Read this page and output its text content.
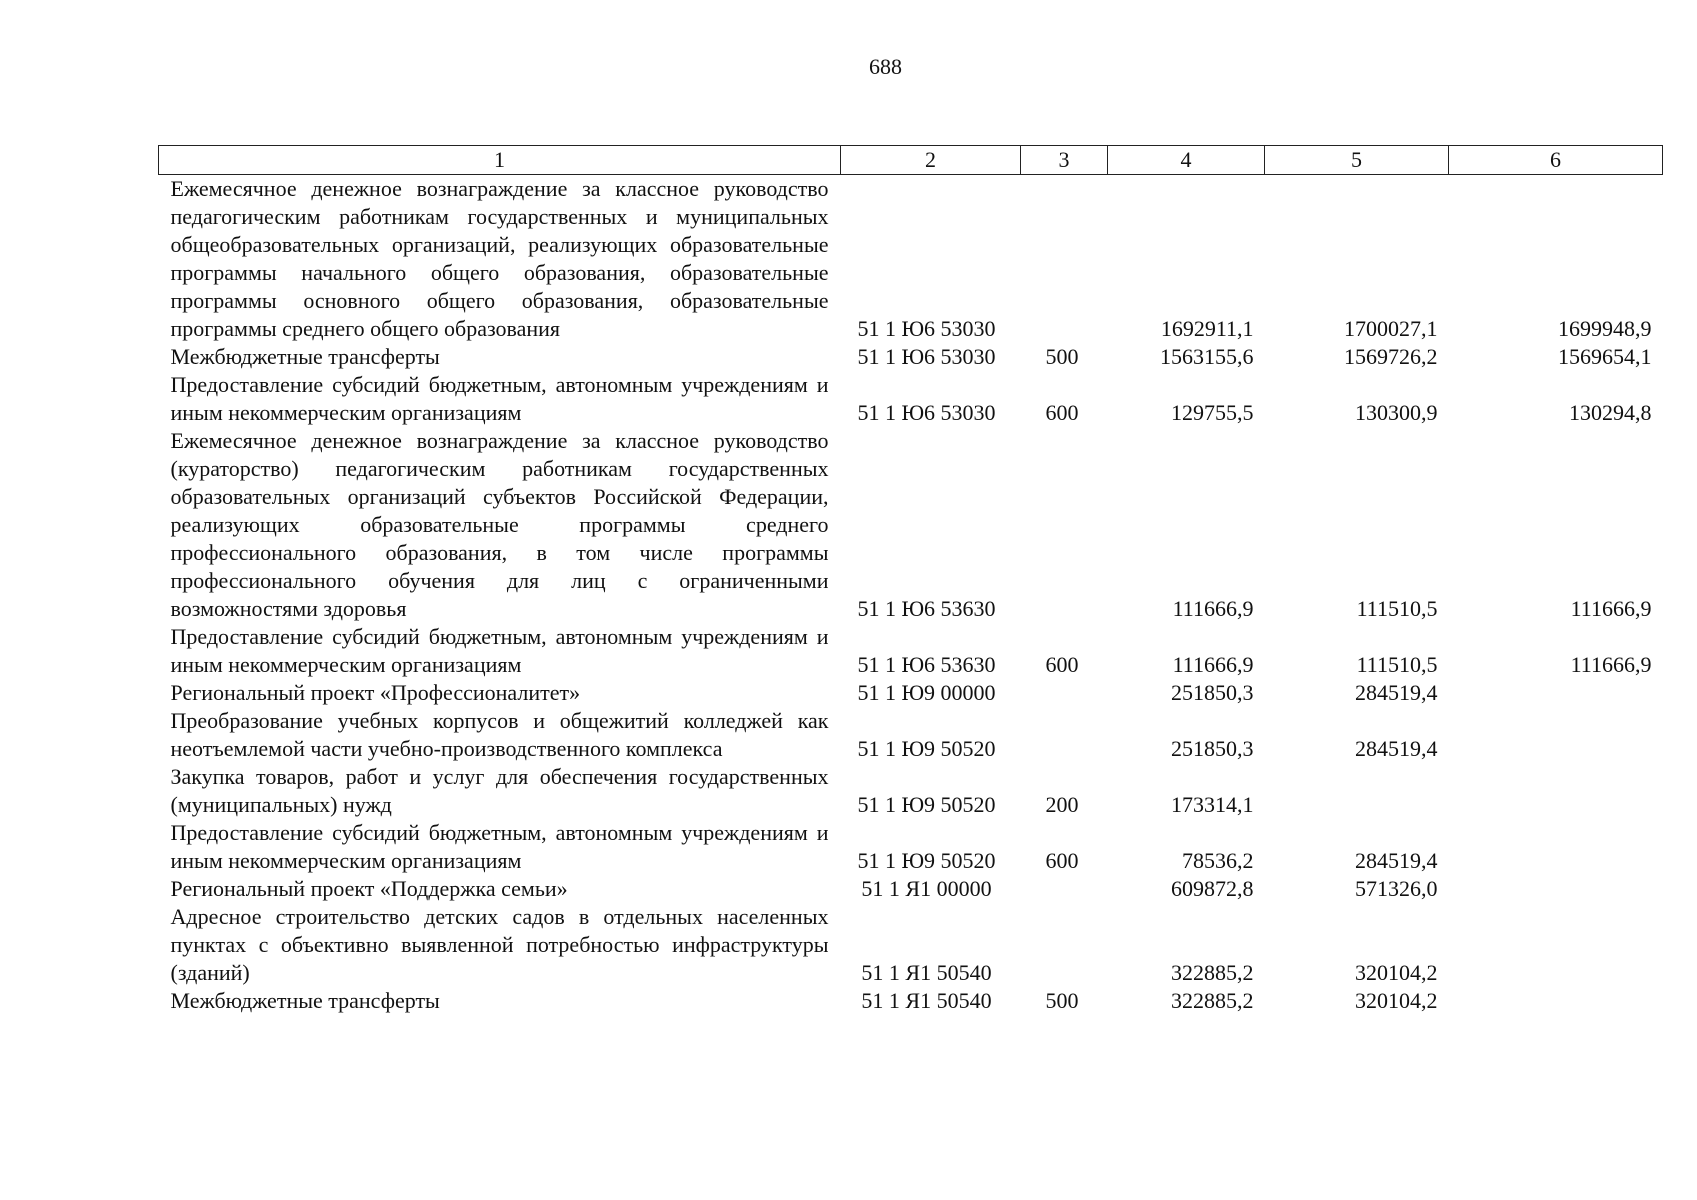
688
1	2	3	4	5	6
Ежемесячное денежное вознаграждение за классное руководство педагогическим работникам государственных и муниципальных общеобразовательных организаций, реализующих образовательные программы начального общего образования, образовательные программы основного общего образования, образовательные программы среднего общего образования	51 1 Ю6 53030		1692911,1	1700027,1	1699948,9
Межбюджетные трансферты	51 1 Ю6 53030	500	1563155,6	1569726,2	1569654,1
Предоставление субсидий бюджетным, автономным учреждениям и иным некоммерческим организациям	51 1 Ю6 53030	600	129755,5	130300,9	130294,8
Ежемесячное денежное вознаграждение за классное руководство (кураторство) педагогическим работникам государственных образовательных организаций субъектов Российской Федерации, реализующих образовательные программы среднего профессионального образования, в том числе программы профессионального обучения для лиц с ограниченными возможностями здоровья	51 1 Ю6 53630		111666,9	111510,5	111666,9
Предоставление субсидий бюджетным, автономным учреждениям и иным некоммерческим организациям	51 1 Ю6 53630	600	111666,9	111510,5	111666,9
Региональный проект «Профессионалитет»	51 1 Ю9 00000		251850,3	284519,4	
Преобразование учебных корпусов и общежитий колледжей как неотъемлемой части учебно-производственного комплекса	51 1 Ю9 50520		251850,3	284519,4	
Закупка товаров, работ и услуг для обеспечения государственных (муниципальных) нужд	51 1 Ю9 50520	200	173314,1		
Предоставление субсидий бюджетным, автономным учреждениям и иным некоммерческим организациям	51 1 Ю9 50520	600	78536,2	284519,4	
Региональный проект «Поддержка семьи»	51 1 Я1 00000		609872,8	571326,0	
Адресное строительство детских садов в отдельных населенных пунктах с объективно выявленной потребностью инфраструктуры (зданий)	51 1 Я1 50540		322885,2	320104,2	
Межбюджетные трансферты	51 1 Я1 50540	500	322885,2	320104,2	
